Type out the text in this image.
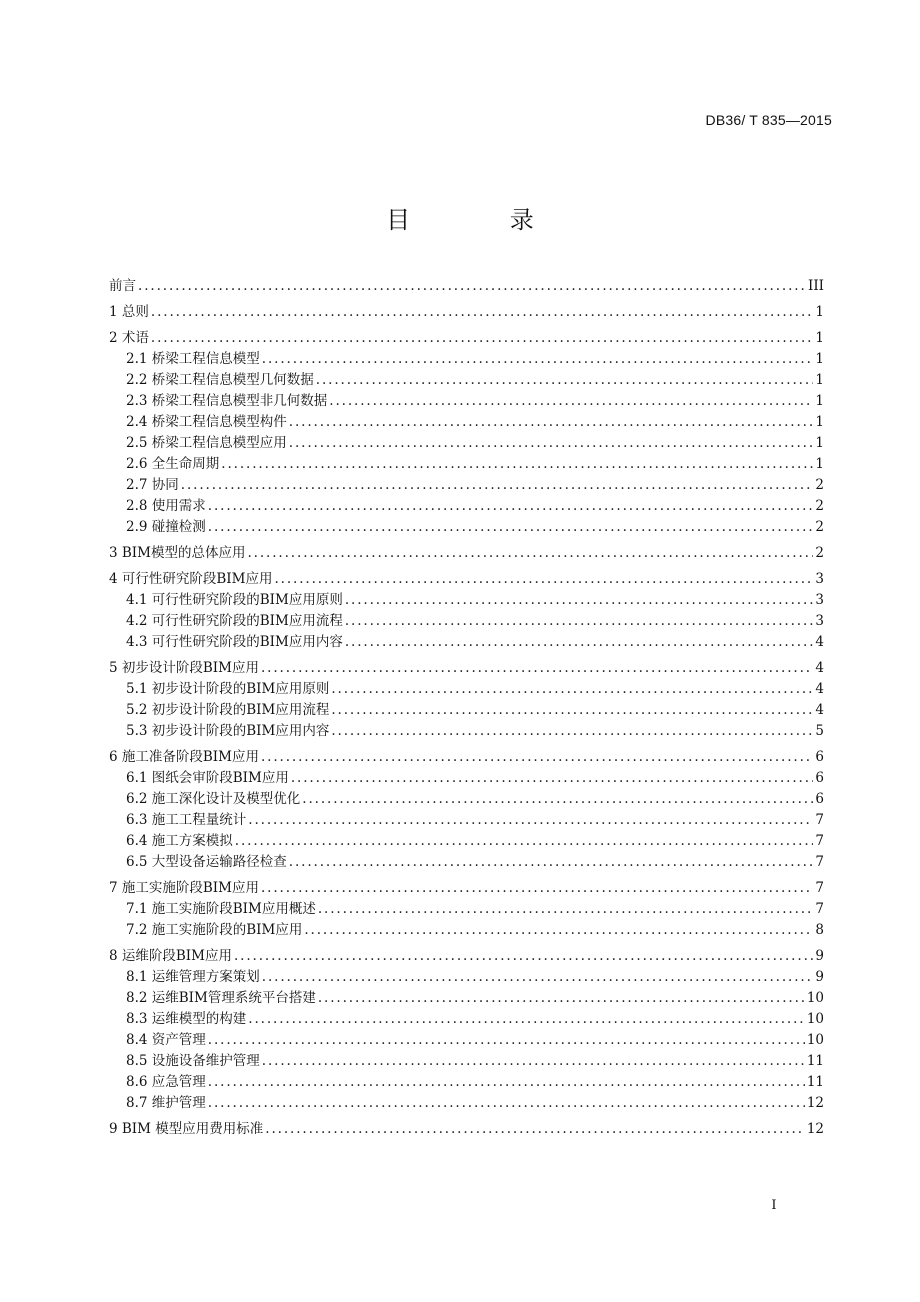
DB36/ T 835—2015
目 录
前言 .....	III
1 总则 .....	1
2 术语 .....	1
2.1 桥梁工程信息模型 .....	1
2.2 桥梁工程信息模型几何数据 .....	1
2.3 桥梁工程信息模型非几何数据 .....	1
2.4 桥梁工程信息模型构件 .....	1
2.5 桥梁工程信息模型应用 .....	1
2.6 全生命周期 .....	1
2.7 协同 .....	2
2.8 使用需求 .....	2
2.9 碰撞检测 .....	2
3 BIM模型的总体应用 .....	2
4 可行性研究阶段BIM应用 .....	3
4.1 可行性研究阶段的BIM应用原则 .....	3
4.2 可行性研究阶段的BIM应用流程 .....	3
4.3 可行性研究阶段的BIM应用内容 .....	4
5 初步设计阶段BIM应用 .....	4
5.1 初步设计阶段的BIM应用原则 .....	4
5.2 初步设计阶段的BIM应用流程 .....	4
5.3 初步设计阶段的BIM应用内容 .....	5
6 施工准备阶段BIM应用 .....	6
6.1 图纸会审阶段BIM应用 .....	6
6.2 施工深化设计及模型优化 .....	6
6.3 施工工程量统计 .....	7
6.4 施工方案模拟 .....	7
6.5 大型设备运输路径检查 .....	7
7 施工实施阶段BIM应用 .....	7
7.1 施工实施阶段BIM应用概述 .....	7
7.2 施工实施阶段的BIM应用 .....	8
8 运维阶段BIM应用 .....	9
8.1 运维管理方案策划 .....	9
8.2 运维BIM管理系统平台搭建 .....	10
8.3 运维模型的构建 .....	10
8.4 资产管理 .....	10
8.5 设施设备维护管理 .....	11
8.6 应急管理 .....	11
8.7 维护管理 .....	12
9 BIM 模型应用费用标准 .....	12
I
